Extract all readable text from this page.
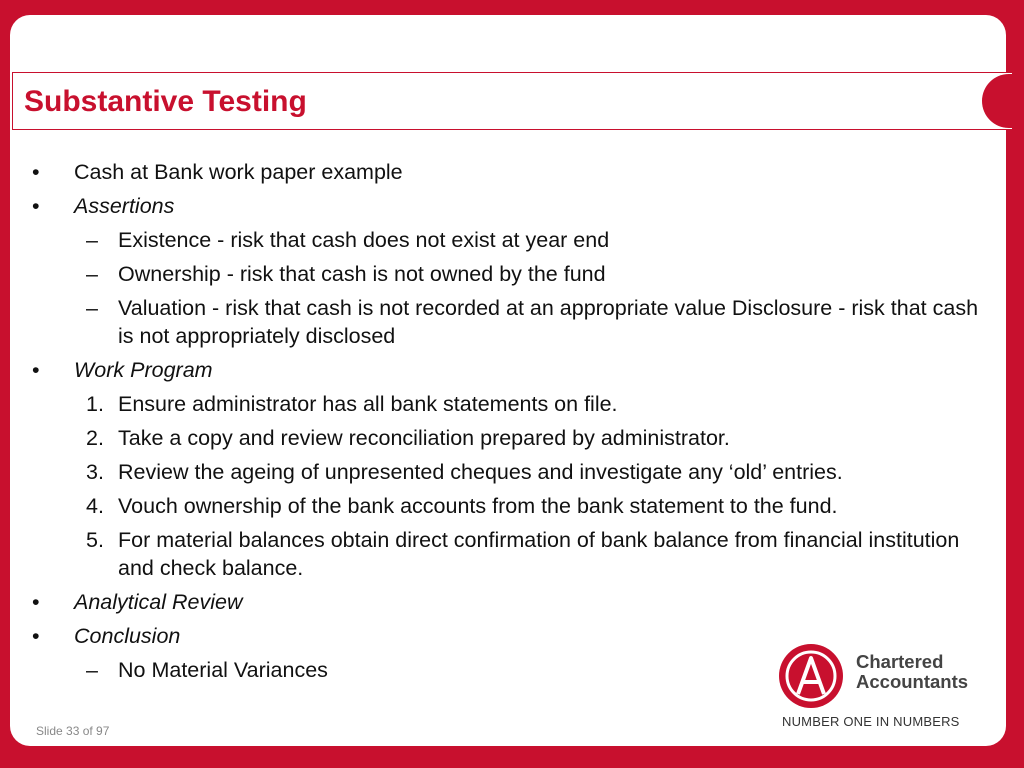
Substantive Testing
• Cash at Bank work paper example
• Assertions
– Existence - risk that cash does not exist at year end
– Ownership - risk that cash is not owned by the fund
– Valuation - risk that cash is not recorded at an appropriate value Disclosure - risk that cash is not appropriately disclosed
• Work Program
1. Ensure administrator has all bank statements on file.
2. Take a copy and review reconciliation prepared by administrator.
3. Review the ageing of unpresented cheques and investigate any ‘old’ entries.
4. Vouch ownership of the bank accounts from the bank statement to the fund.
5. For material balances obtain direct confirmation of bank balance from financial institution and check balance.
• Analytical Review
• Conclusion
– No Material Variances	Chartered
Accountants
NUMBER ONE IN NUMBERS
Slide 33 of 97
